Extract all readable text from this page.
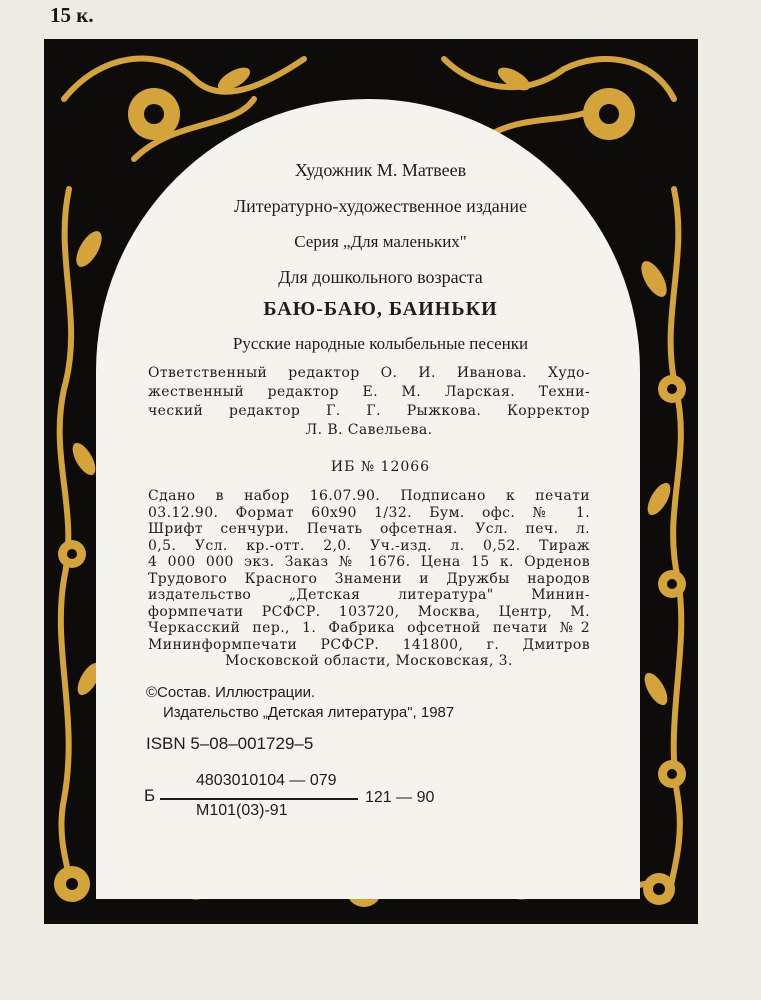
15 к.
Художник М. Матвеев
Литературно-художественное издание
Серия „Для маленьких"
Для дошкольного возраста
БАЮ-БАЮ, БАИНЬКИ
Русские народные колыбельные песенки
Ответственный редактор О. И. Иванова. Худо-
жественный редактор Е. М. Ларская. Техни-
ческий редактор Г. Г. Рыжкова. Корректор
Л. В. Савельева.
ИБ № 12066
Сдано в набор 16.07.90. Подписано к печати
03.12.90. Формат 60х90 1/32. Бум. офс. № 1.
Шрифт сенчури. Печать офсетная. Усл. печ. л.
0,5. Усл. кр.-отт. 2,0. Уч.-изд. л. 0,52. Тираж
4 000 000 экз. Заказ № 1676. Цена 15 к. Орденов
Трудового Красного Знамени и Дружбы народов
издательство „Детская литература" Минин-
формпечати РСФСР. 103720, Москва, Центр, М.
Черкасский пер., 1. Фабрика офсетной печати №2
Мининформпечати РСФСР. 141800, г. Дмитров
Московской области, Московская, 3.
©Состав. Иллюстрации.
Издательство „Детская литература", 1987
ISBN 5–08–001729–5
Б
4803010104 — 079
М101(03)-91
121 — 90
